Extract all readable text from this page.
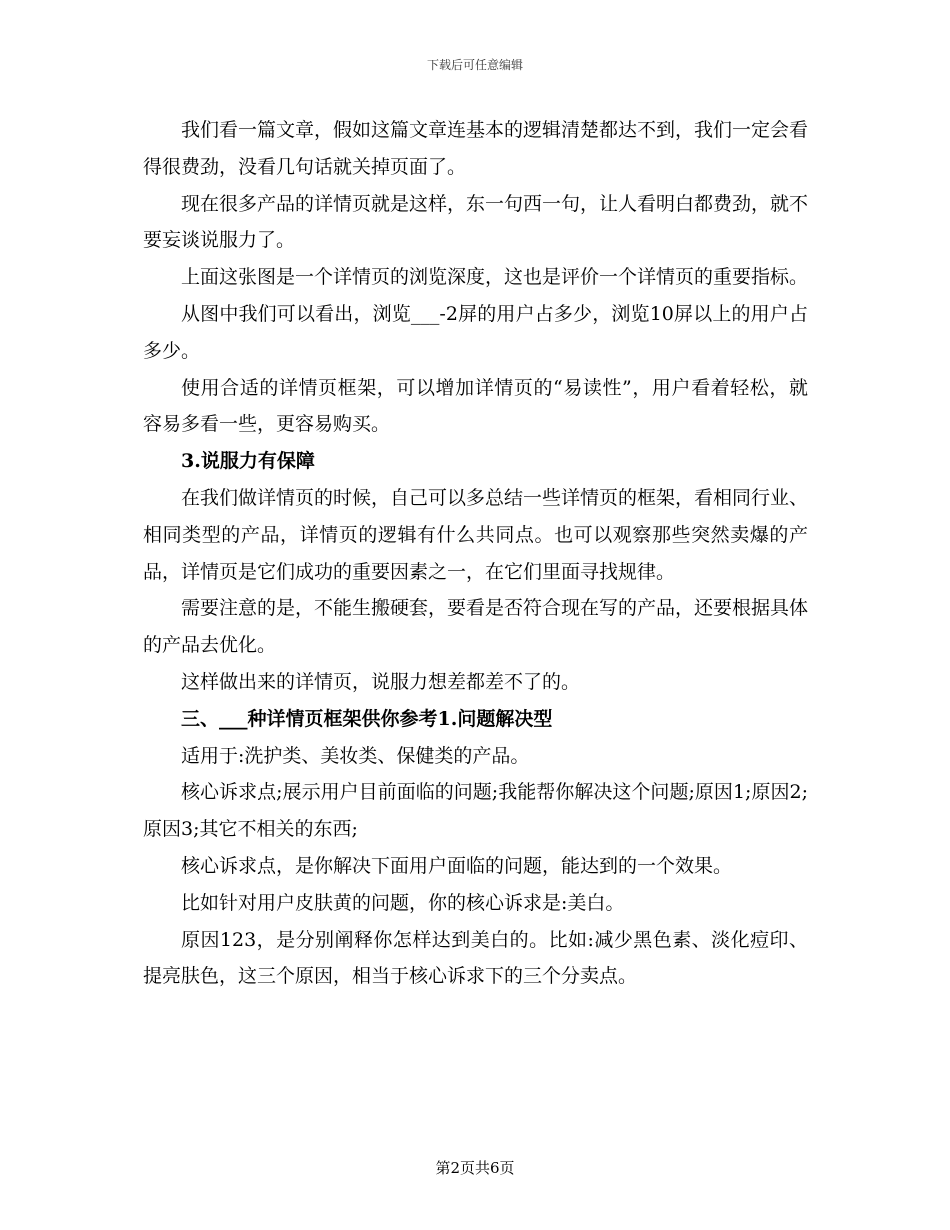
下载后可任意编辑

我们看一篇文章，假如这篇文章连基本的逻辑清楚都达不到，我们一定会看得很费劲，没看几句话就关掉页面了。

现在很多产品的详情页就是这样，东一句西一句，让人看明白都费劲，就不要妄谈说服力了。

上面这张图是一个详情页的浏览深度，这也是评价一个详情页的重要指标。

从图中我们可以看出，浏览___-2屏的用户占多少，浏览10屏以上的用户占多少。

使用合适的详情页框架，可以增加详情页的“易读性”，用户看着轻松，就容易多看一些，更容易购买。

3.说服力有保障

在我们做详情页的时候，自己可以多总结一些详情页的框架，看相同行业、相同类型的产品，详情页的逻辑有什么共同点。也可以观察那些突然卖爆的产品，详情页是它们成功的重要因素之一，在它们里面寻找规律。

需要注意的是，不能生搬硬套，要看是否符合现在写的产品，还要根据具体的产品去优化。

这样做出来的详情页，说服力想差都差不了的。

三、___种详情页框架供你参考1.问题解决型

适用于:洗护类、美妆类、保健类的产品。

核心诉求点;展示用户目前面临的问题;我能帮你解决这个问题;原因1;原因2;原因3;其它不相关的东西;

核心诉求点，是你解决下面用户面临的问题，能达到的一个效果。

比如针对用户皮肤黄的问题，你的核心诉求是:美白。

原因123，是分别阐释你怎样达到美白的。比如:减少黑色素、淡化痘印、提亮肤色，这三个原因，相当于核心诉求下的三个分卖点。

第2页共6页
